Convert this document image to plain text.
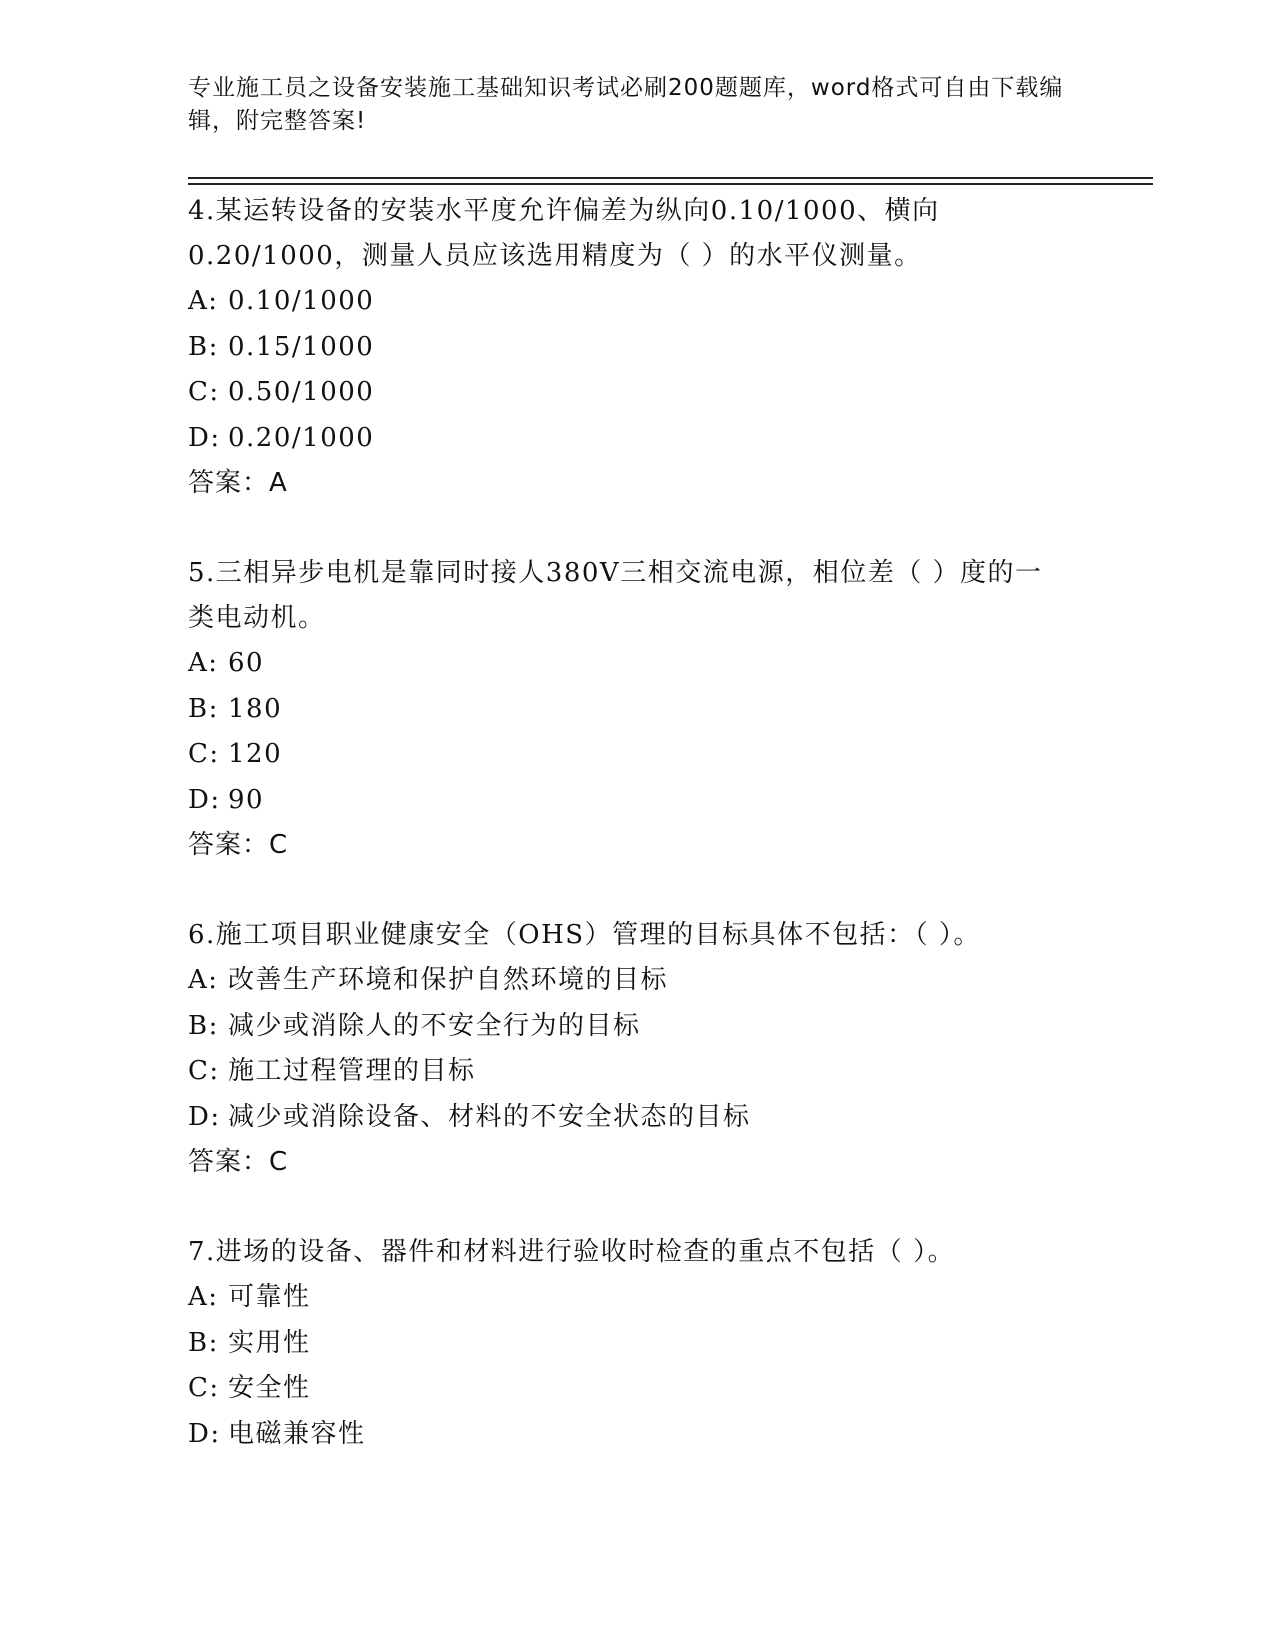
专业施工员之设备安装施工基础知识考试必刷200题题库，word格式可自由下载编辑，附完整答案!
4.某运转设备的安装水平度允许偏差为纵向0.10/1000、横向0.20/1000，测量人员应该选用精度为（ ）的水平仪测量。
A: 0.10/1000
B: 0.15/1000
C: 0.50/1000
D: 0.20/1000
答案：A
5.三相异步电机是靠同时接人380V三相交流电源，相位差（ ）度的一类电动机。
A: 60
B: 180
C: 120
D: 90
答案：C
6.施工项目职业健康安全（OHS）管理的目标具体不包括：（ ）。
A: 改善生产环境和保护自然环境的目标
B: 减少或消除人的不安全行为的目标
C: 施工过程管理的目标
D: 减少或消除设备、材料的不安全状态的目标
答案：C
7.进场的设备、器件和材料进行验收时检查的重点不包括（ ）。
A: 可靠性
B: 实用性
C: 安全性
D: 电磁兼容性
